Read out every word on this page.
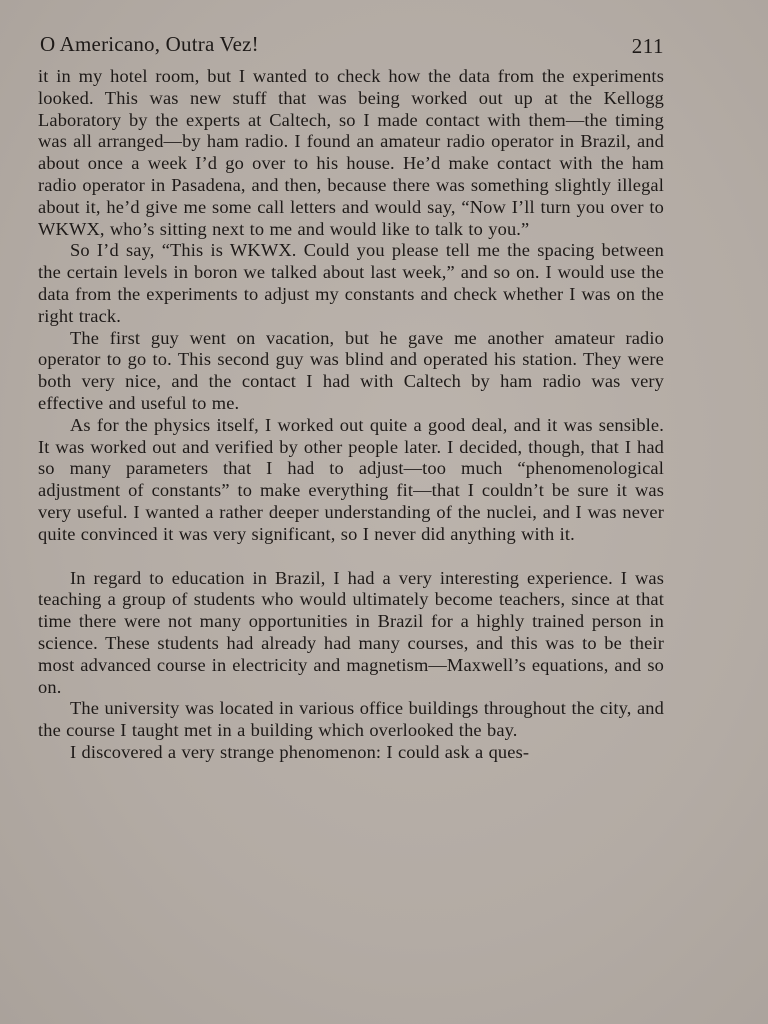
O Americano, Outra Vez!	211

it in my hotel room, but I wanted to check how the data from the experiments looked. This was new stuff that was being worked out up at the Kellogg Laboratory by the experts at Caltech, so I made contact with them—the timing was all arranged—by ham radio. I found an amateur radio operator in Brazil, and about once a week I’d go over to his house. He’d make contact with the ham radio operator in Pasadena, and then, because there was something slightly illegal about it, he’d give me some call letters and would say, “Now I’ll turn you over to WKWX, who’s sitting next to me and would like to talk to you.”

So I’d say, “This is WKWX. Could you please tell me the spacing between the certain levels in boron we talked about last week,” and so on. I would use the data from the experiments to adjust my constants and check whether I was on the right track.

The first guy went on vacation, but he gave me another amateur radio operator to go to. This second guy was blind and operated his station. They were both very nice, and the contact I had with Caltech by ham radio was very effective and useful to me.

As for the physics itself, I worked out quite a good deal, and it was sensible. It was worked out and verified by other people later. I decided, though, that I had so many parameters that I had to adjust—too much “phenomenological adjustment of constants” to make everything fit—that I couldn’t be sure it was very useful. I wanted a rather deeper understanding of the nuclei, and I was never quite convinced it was very significant, so I never did anything with it.

In regard to education in Brazil, I had a very interesting experience. I was teaching a group of students who would ultimately become teachers, since at that time there were not many opportunities in Brazil for a highly trained person in science. These students had already had many courses, and this was to be their most advanced course in electricity and magnetism—Maxwell’s equations, and so on.

The university was located in various office buildings throughout the city, and the course I taught met in a building which overlooked the bay.

I discovered a very strange phenomenon: I could ask a ques-
